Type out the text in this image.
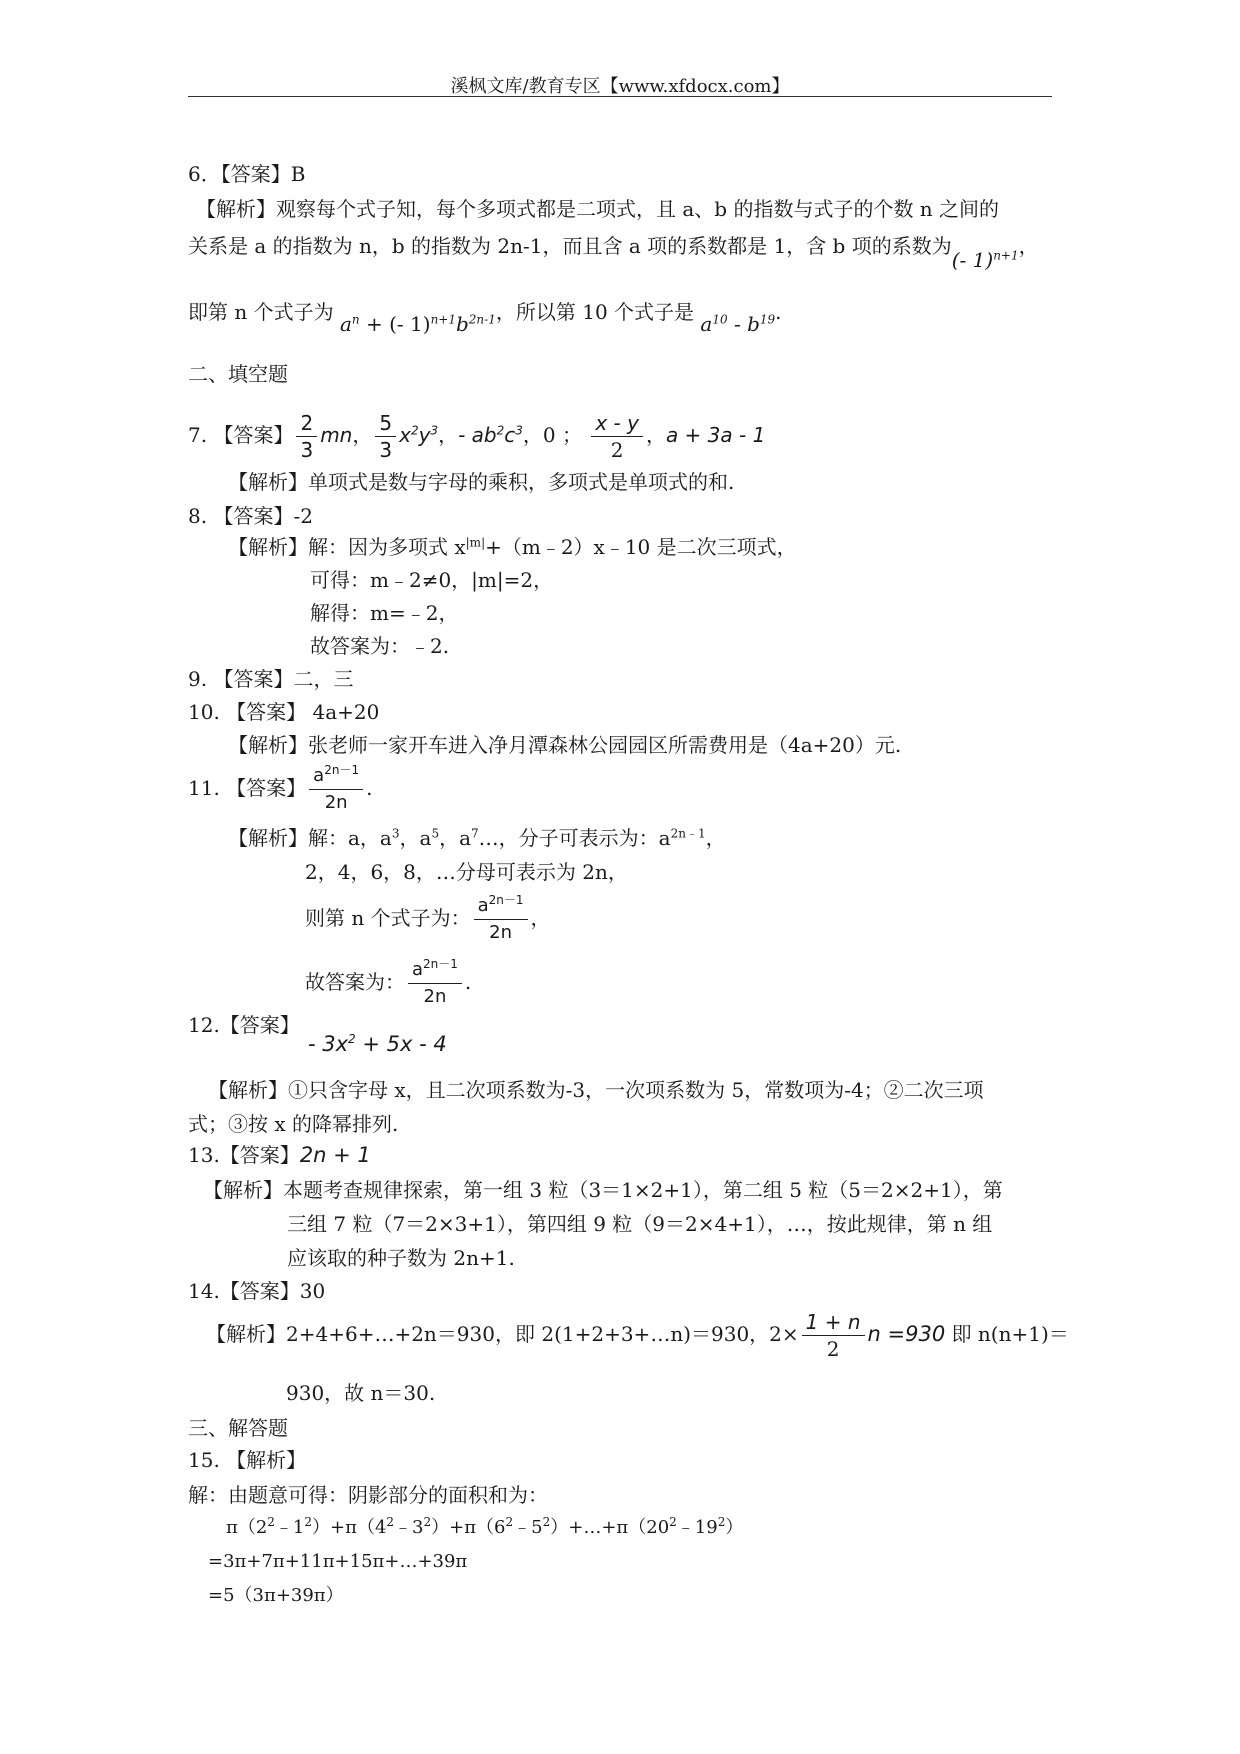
溪枫文库/教育专区【www.xfdocx.com】
6．【答案】B
【解析】观察每个式子知，每个多项式都是二项式，且 a、b 的指数与式子的个数 n 之间的
关系是 a 的指数为 n，b 的指数为 2n-1，而且含 a 项的系数都是 1，含 b 项的系数为(- 1)$^{n+1}$，
即第 n 个式子为 $a^n$ + (- $1)^{n+1}b^{2n-1}$，所以第 10 个式子是 $a^{10} - b^{19}$.
二、填空题
7. 【答案】 $\frac{2}{3}$ mn， $\frac{5}{3} x^2y^3$，- $ab^2c^3$，0 ； $\frac{x - y}{2}$ ，a + 3a - 1
【解析】单项式是数与字母的乘积，多项式是单项式的和.
8. 【答案】-2
【解析】解：因为多项式 $x^{|m|}+(m﹣2)x﹣10$ 是二次三项式，
可得：m﹣2≠0，|m|=2，
解得：m=﹣2，
故答案为：﹣2.
9. 【答案】二，三
10. 【答案】 4a+20
【解析】张老师一家开车进入净月潭森林公园园区所需费用是（4a+20）元.
11. 【答案】 $\frac{a^{2n-1}}{2n}$ .
【解析】解：a，$a^3$，$a^5$，$a^7\dots$，分子可表示为：$a^{2n﹣1}$，
2，4，6，8，…分母可表示为 2n，
则第 n 个式子为： $\frac{a^{2n-1}}{2n}$ ，
故答案为： $\frac{a^{2n-1}}{2n}$ .
12.【答案】
- $3x^2 + 5x - 4$
【解析】①只含字母 x，且二次项系数为-3，一次项系数为 5，常数项为-4；②二次三项
式；③按 x 的降幂排列.
13.【答案】2n + 1
【解析】本题考查规律探索，第一组 3 粒（3＝1×2+1），第二组 5 粒（5＝2×2+1），第
三组 7 粒（7＝2×3+1），第四组 9 粒（9＝2×4+1），…，按此规律，第 n 组
应该取的种子数为 2n+1.
14.【答案】30
【解析】2+4+6+…+2n＝930，即 2(1+2+3+…n)＝930，$2\times \frac{1 + n}{2}$ n =930 即 n(n+1)＝
930，故 n＝30.
三、解答题
15. 【解析】
解：由题意可得：阴影部分的面积和为：
$\pi(2^2﹣1^2)+\pi(4^2﹣3^2)+\pi(6^2﹣5^2)+\dots+\pi(20^2﹣19^2)$
=3π+7π+11π+15π+…+39π
=5（3π+39π）
